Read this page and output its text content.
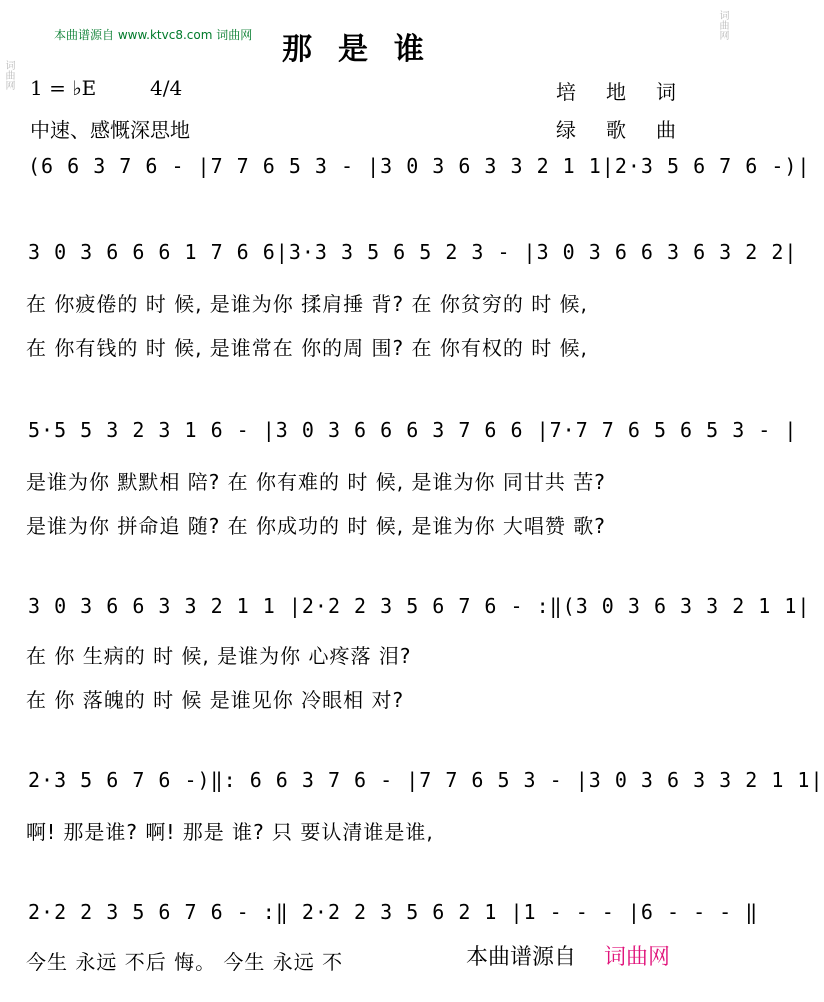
词曲网
词曲网
本曲谱源自 www.ktvc8.com 词曲网 那是谁
1 = ♭E	4/4
中速、感慨深思地
培地词
绿歌曲
(6 6 3 7 6 - |7 7 6 5 3 - |3 0 3 6 3 3 2 1 1|2·3 5 6 7 6 -)|
3 0 3 6 6 6 1 7 6 6|3·3 3 5 6 5 2 3 - |3 0 3 6 6 3 6 3 2 2|
在 你疲倦的 时 候, 是谁为你 揉肩捶 背? 在 你贫穷的 时 候,
在 你有钱的 时 候, 是谁常在 你的周 围? 在 你有权的 时 候,
5·5 5 3 2 3 1 6 - |3 0 3 6 6 6 3 7 6 6 |7·7 7 6 5 6 5 3 - |
是谁为你 默默相 陪? 在 你有难的 时 候, 是谁为你 同甘共 苦?
是谁为你 拼命追 随? 在 你成功的 时 候, 是谁为你 大唱赞 歌?
3 0 3 6 6 3 3 2 1 1 |2·2 2 3 5 6 7 6 - :‖(3 0 3 6 3 3 2 1 1|
在 你 生病的 时 候, 是谁为你 心疼落 泪?
在 你 落魄的 时 候 是谁见你 冷眼相 对?
2·3 5 6 7 6 -)‖: 6 6 3 7 6 - |7 7 6 5 3 - |3 0 3 6 3 3 2 1 1|
啊! 那是谁? 啊! 那是 谁? 只 要认清谁是谁,
2·2 2 3 5 6 7 6 - :‖ 2·2 2 3 5 6 2 1 |1 - - - |6 - - - ‖
今生 永远 不后 悔。 今生 永远 不	本曲谱源自 词曲网
